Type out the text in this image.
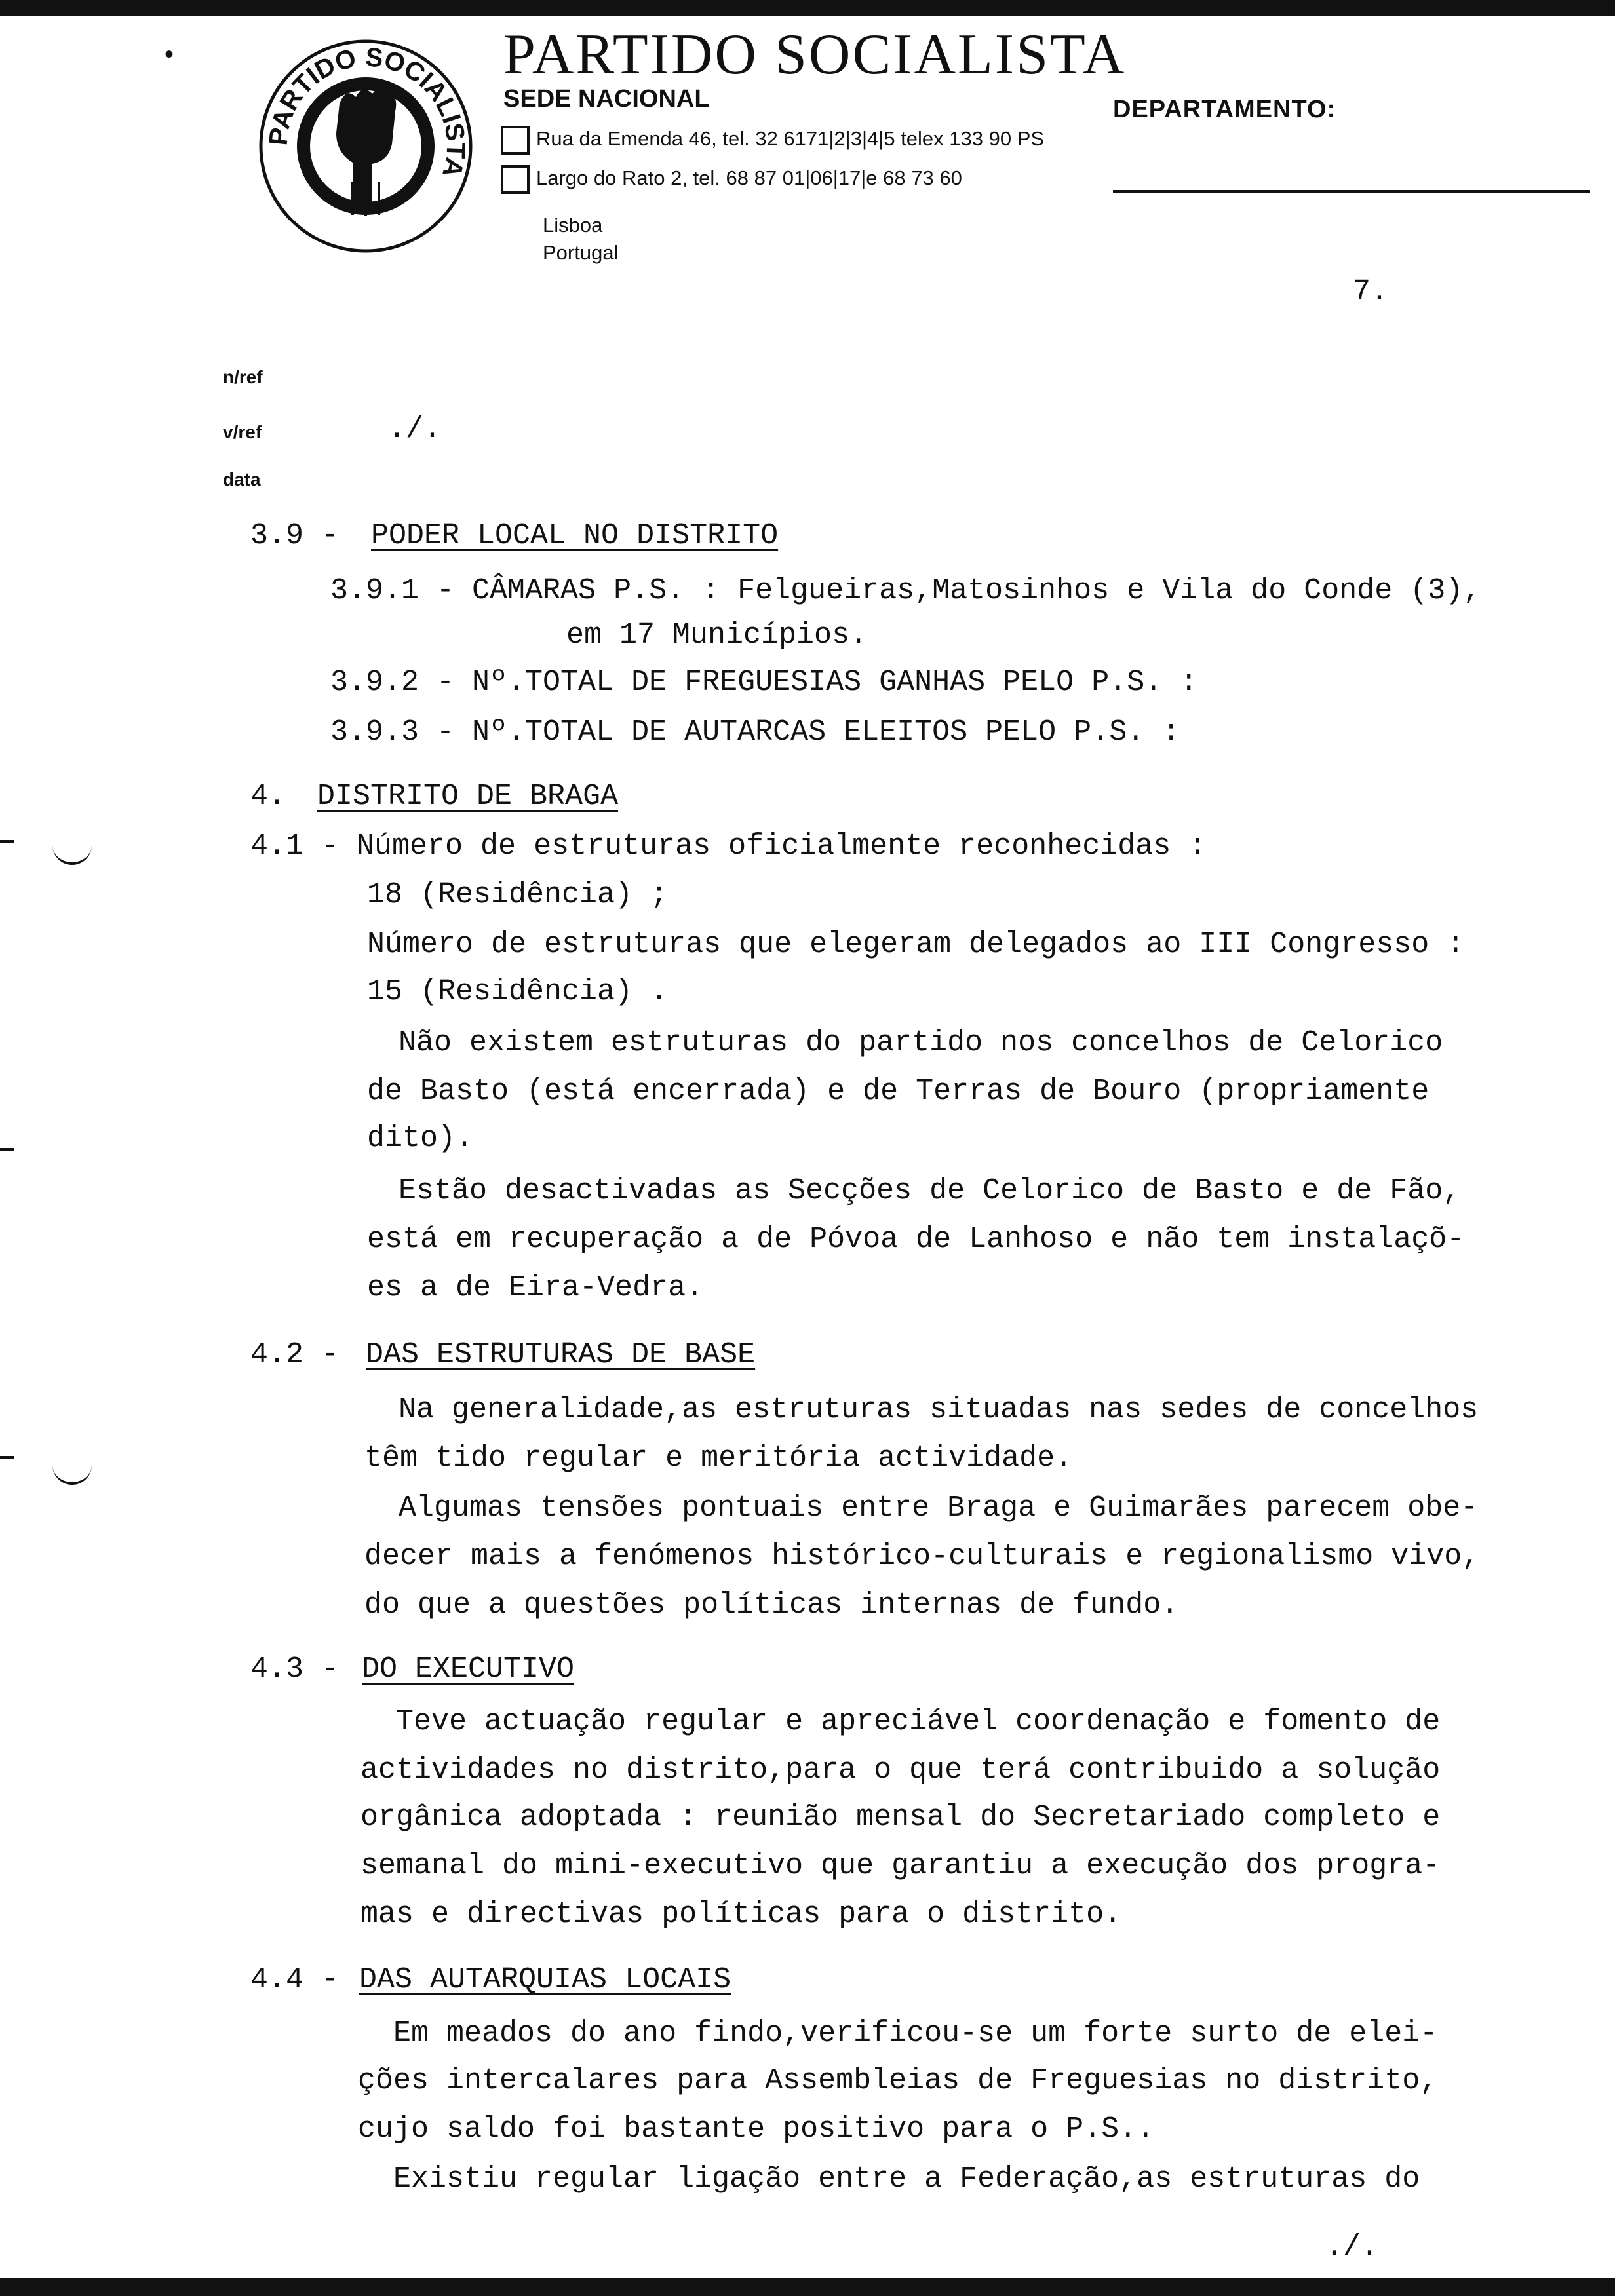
PARTIDO SOCIALISTA
PARTIDO SOCIALISTA
SEDE NACIONAL	DEPARTAMENTO:
Rua da Emenda 46, tel. 32 6171|2|3|4|5 telex 133 90 PS
Largo do Rato 2, tel. 68 87 01|06|17|e 68 73 60
Lisboa
Portugal
7.
n/ref
v/ref	./.
data
•
3.9 - PODER LOCAL NO DISTRITO
3.9.1 - CÂMARAS P.S. : Felgueiras,Matosinhos e Vila do Conde (3),
em 17 Municípios.
3.9.2 - Nº.TOTAL DE FREGUESIAS GANHAS PELO P.S. :
3.9.3 - Nº.TOTAL DE AUTARCAS ELEITOS PELO P.S. :
4. DISTRITO DE BRAGA
4.1 - Número de estruturas oficialmente reconhecidas :
18 (Residência) ;
Número de estruturas que elegeram delegados ao III Congresso :
15 (Residência) .
Não existem estruturas do partido nos concelhos de Celorico
de Basto (está encerrada) e de Terras de Bouro (propriamente
dito).
Estão desactivadas as Secções de Celorico de Basto e de Fão,
está em recuperação a de Póvoa de Lanhoso e não tem instalaçõ-
es a de Eira-Vedra.
4.2 - DAS ESTRUTURAS DE BASE
Na generalidade,as estruturas situadas nas sedes de concelhos
têm tido regular e meritória actividade.
Algumas tensões pontuais entre Braga e Guimarães parecem obe-
decer mais a fenómenos histórico-culturais e regionalismo vivo,
do que a questões políticas internas de fundo.
4.3 - DO EXECUTIVO
Teve actuação regular e apreciável coordenação e fomento de
actividades no distrito,para o que terá contribuido a solução
orgânica adoptada : reunião mensal do Secretariado completo e
semanal do mini-executivo que garantiu a execução dos progra-
mas e directivas políticas para o distrito.
4.4 - DAS AUTARQUIAS LOCAIS
Em meados do ano findo,verificou-se um forte surto de elei-
ções intercalares para Assembleias de Freguesias no distrito,
cujo saldo foi bastante positivo para o P.S..
Existiu regular ligação entre a Federação,as estruturas do
./.
